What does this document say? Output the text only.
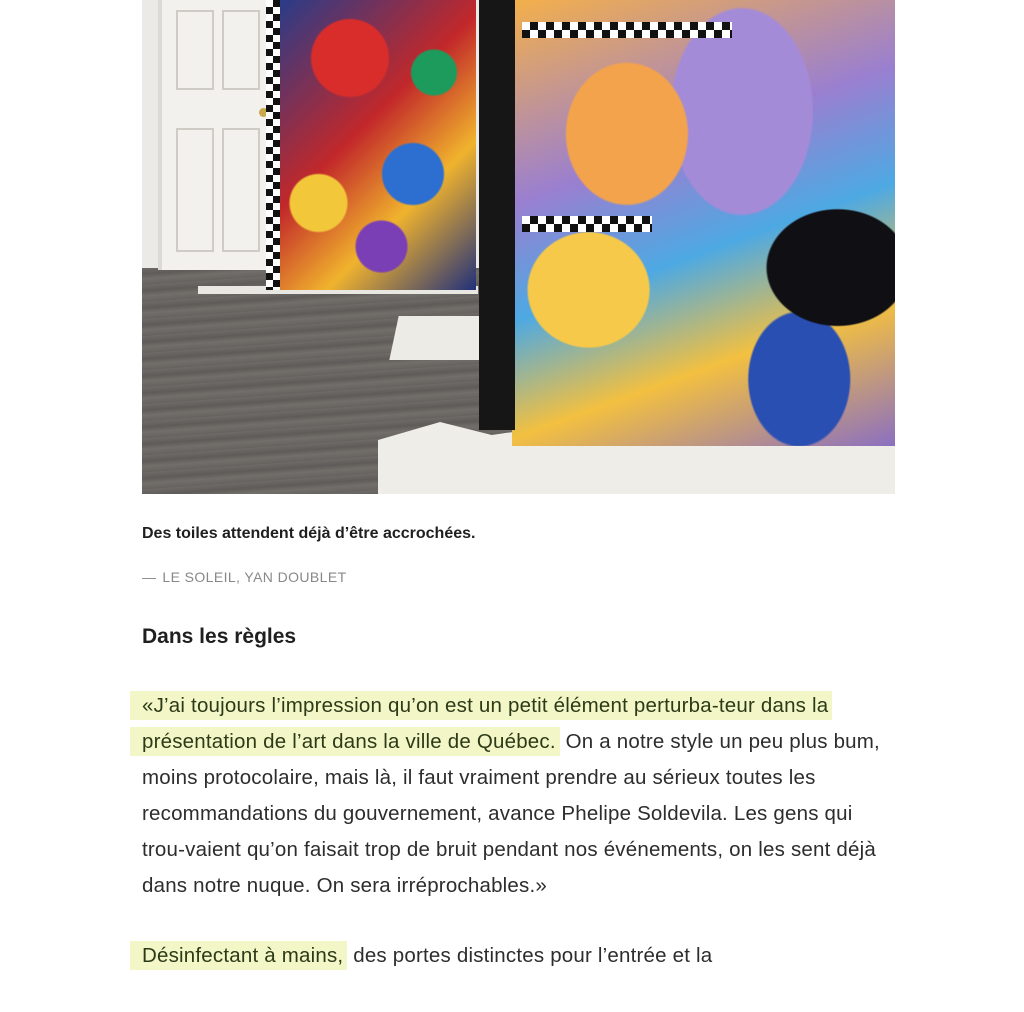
Des toiles attendent déjà d’être accrochées.
— LE SOLEIL, YAN DOUBLET
Dans les règles

«J’ai toujours l’impression qu’on est un petit élément perturba-teur dans la présentation de l’art dans la ville de Québec. On a notre style un peu plus bum, moins protocolaire, mais là, il faut vraiment prendre au sérieux toutes les recommandations du gouvernement, avance Phelipe Soldevila. Les gens qui trou-vaient qu’on faisait trop de bruit pendant nos événements, on les sent déjà dans notre nuque. On sera irréprochables.»

Désinfectant à mains, des portes distinctes pour l’entrée et la
